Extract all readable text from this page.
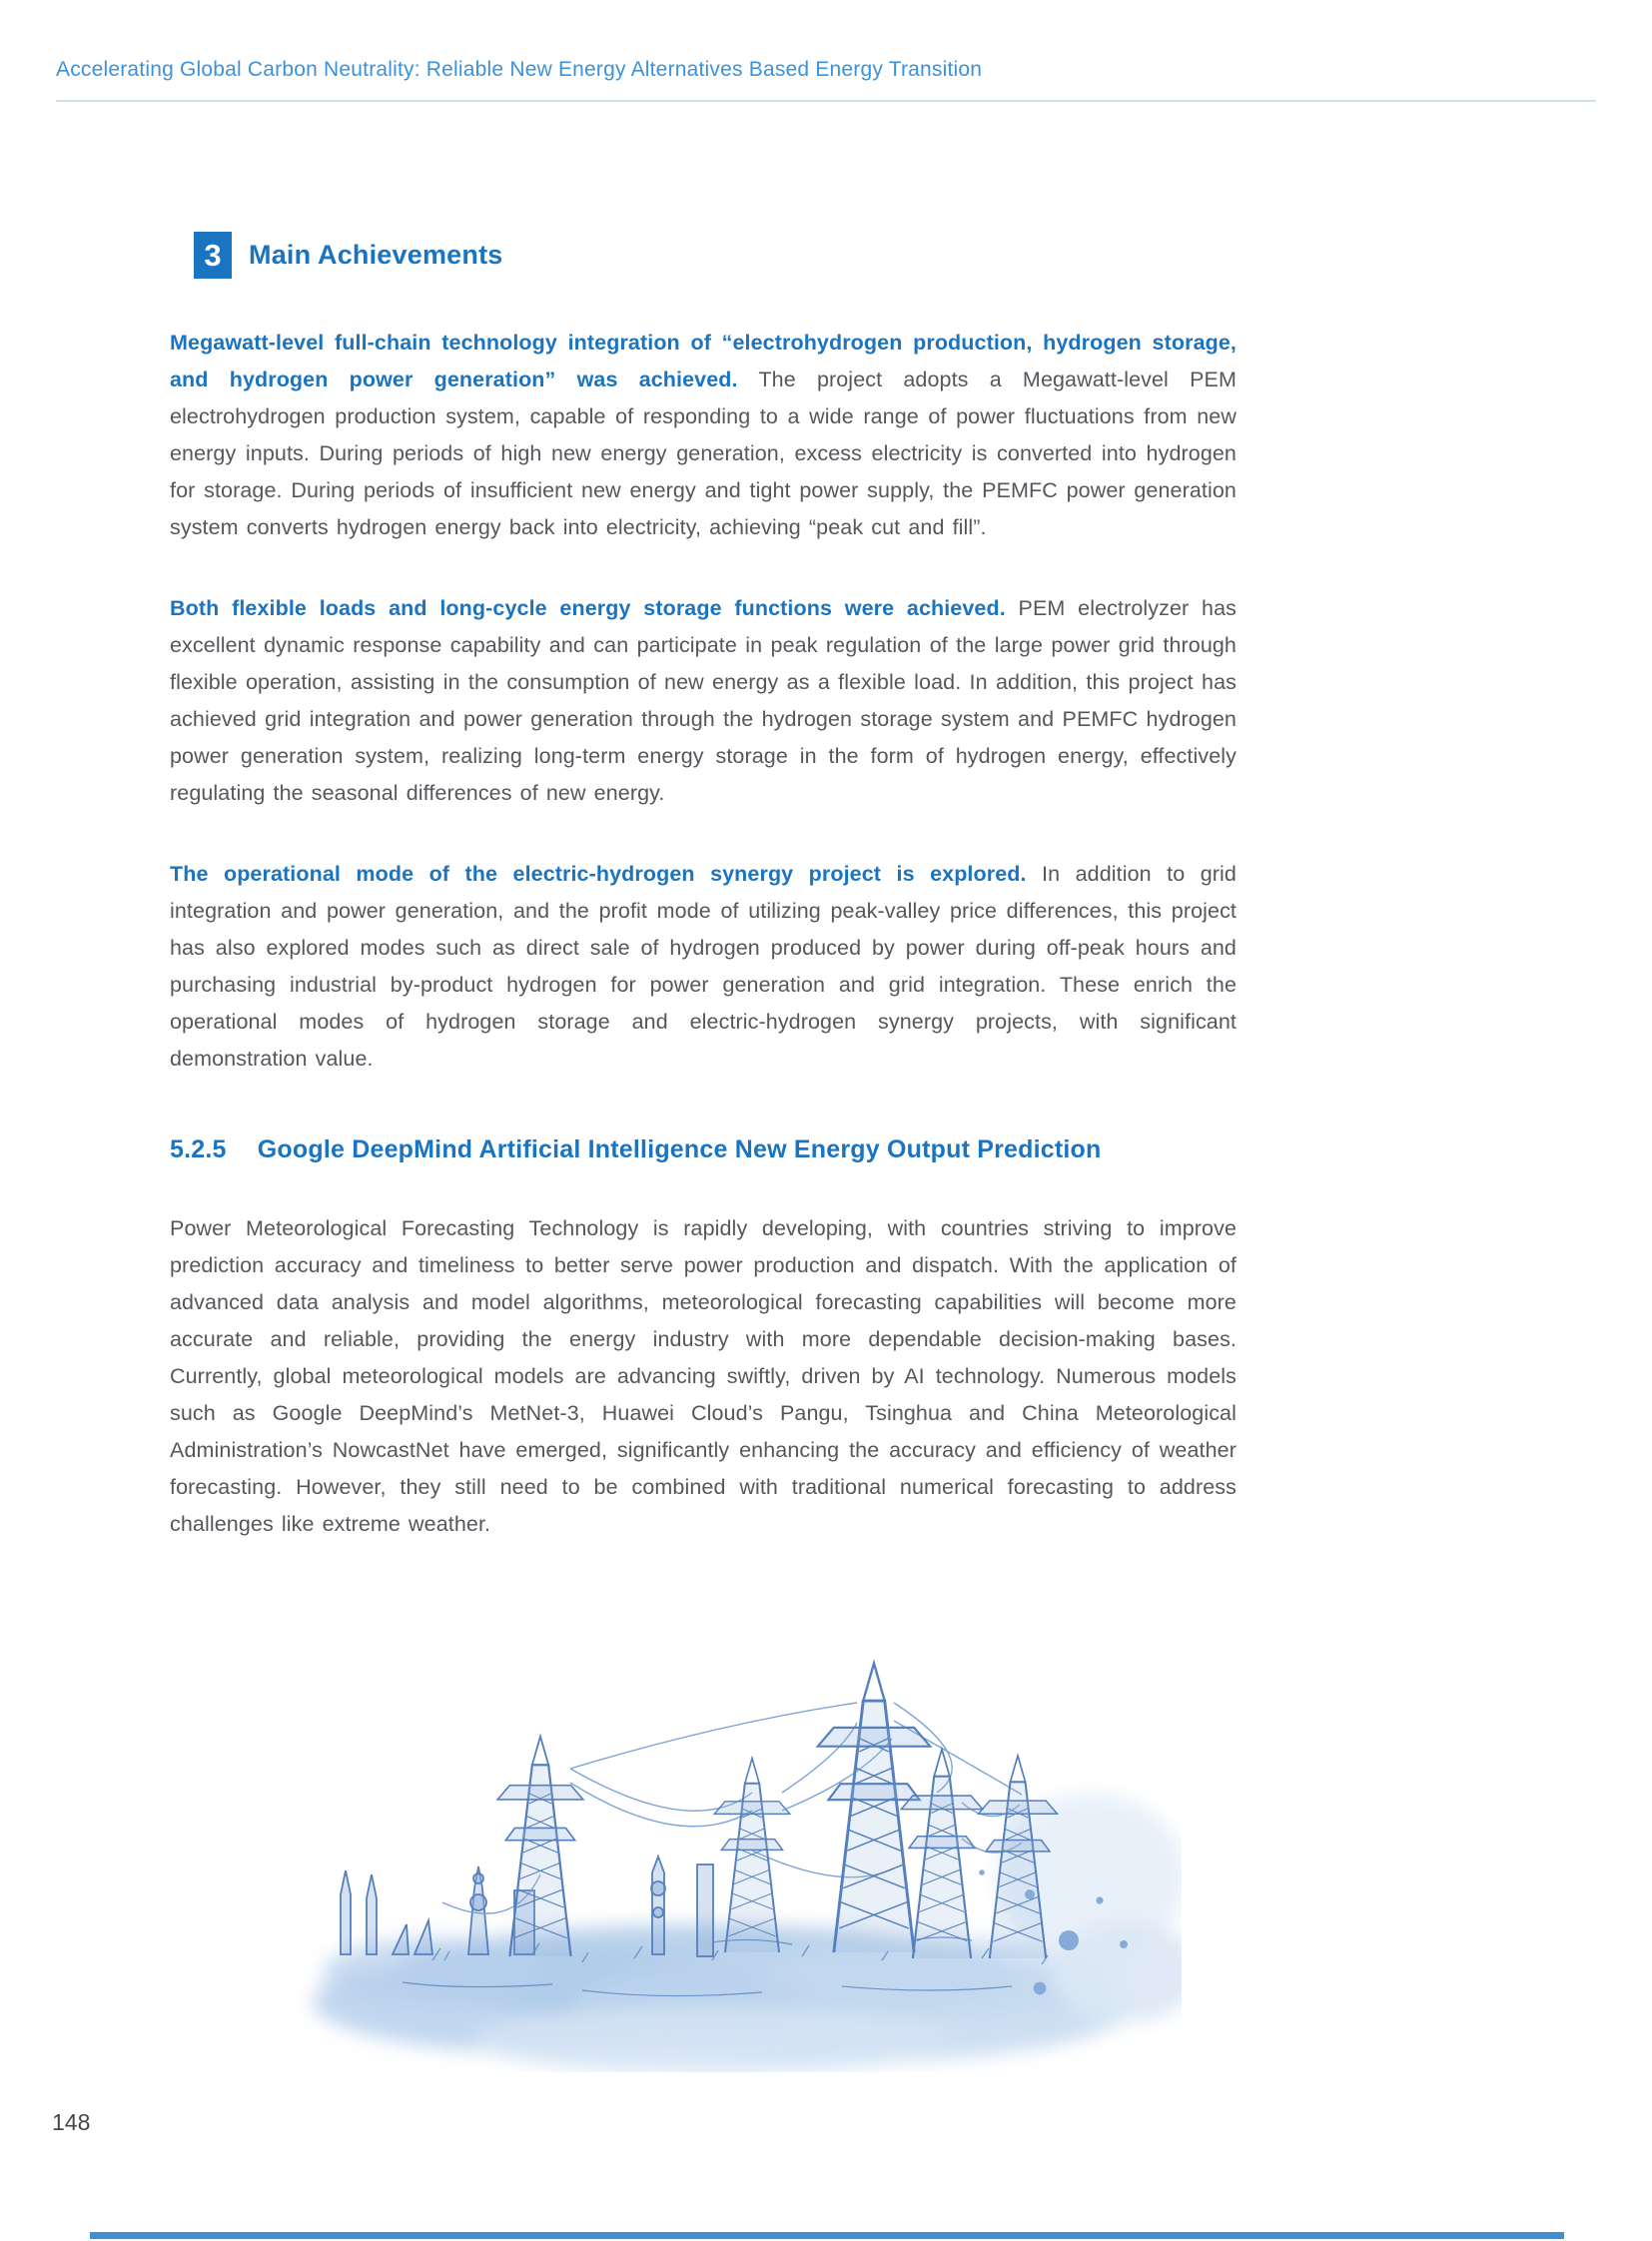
Accelerating Global Carbon Neutrality: Reliable New Energy Alternatives Based Energy Transition
3	Main Achievements

Megawatt-level full-chain technology integration of “electrohydrogen production, hydrogen storage, and hydrogen power generation” was achieved. The project adopts a Megawatt-level PEM electrohydrogen production system, capable of responding to a wide range of power fluctuations from new energy inputs. During periods of high new energy generation, excess electricity is converted into hydrogen for storage. During periods of insufficient new energy and tight power supply, the PEMFC power generation system converts hydrogen energy back into electricity, achieving “peak cut and fill”.

Both flexible loads and long-cycle energy storage functions were achieved. PEM electrolyzer has excellent dynamic response capability and can participate in peak regulation of the large power grid through flexible operation, assisting in the consumption of new energy as a flexible load. In addition, this project has achieved grid integration and power generation through the hydrogen storage system and PEMFC hydrogen power generation system, realizing long-term energy storage in the form of hydrogen energy, effectively regulating the seasonal differences of new energy.

The operational mode of the electric-hydrogen synergy project is explored. In addition to grid integration and power generation, and the profit mode of utilizing peak-valley price differences, this project has also explored modes such as direct sale of hydrogen produced by power during off-peak hours and purchasing industrial by-product hydrogen for power generation and grid integration. These enrich the operational modes of hydrogen storage and electric-hydrogen synergy projects, with significant demonstration value.

5.2.5 Google DeepMind Artificial Intelligence New Energy Output Prediction

Power Meteorological Forecasting Technology is rapidly developing, with countries striving to improve prediction accuracy and timeliness to better serve power production and dispatch. With the application of advanced data analysis and model algorithms, meteorological forecasting capabilities will become more accurate and reliable, providing the energy industry with more dependable decision-making bases. Currently, global meteorological models are advancing swiftly, driven by AI technology. Numerous models such as Google DeepMind’s MetNet-3, Huawei Cloud’s Pangu, Tsinghua and China Meteorological Administration’s NowcastNet have emerged, significantly enhancing the accuracy and efficiency of weather forecasting. However, they still need to be combined with traditional numerical forecasting to address challenges like extreme weather.

148
